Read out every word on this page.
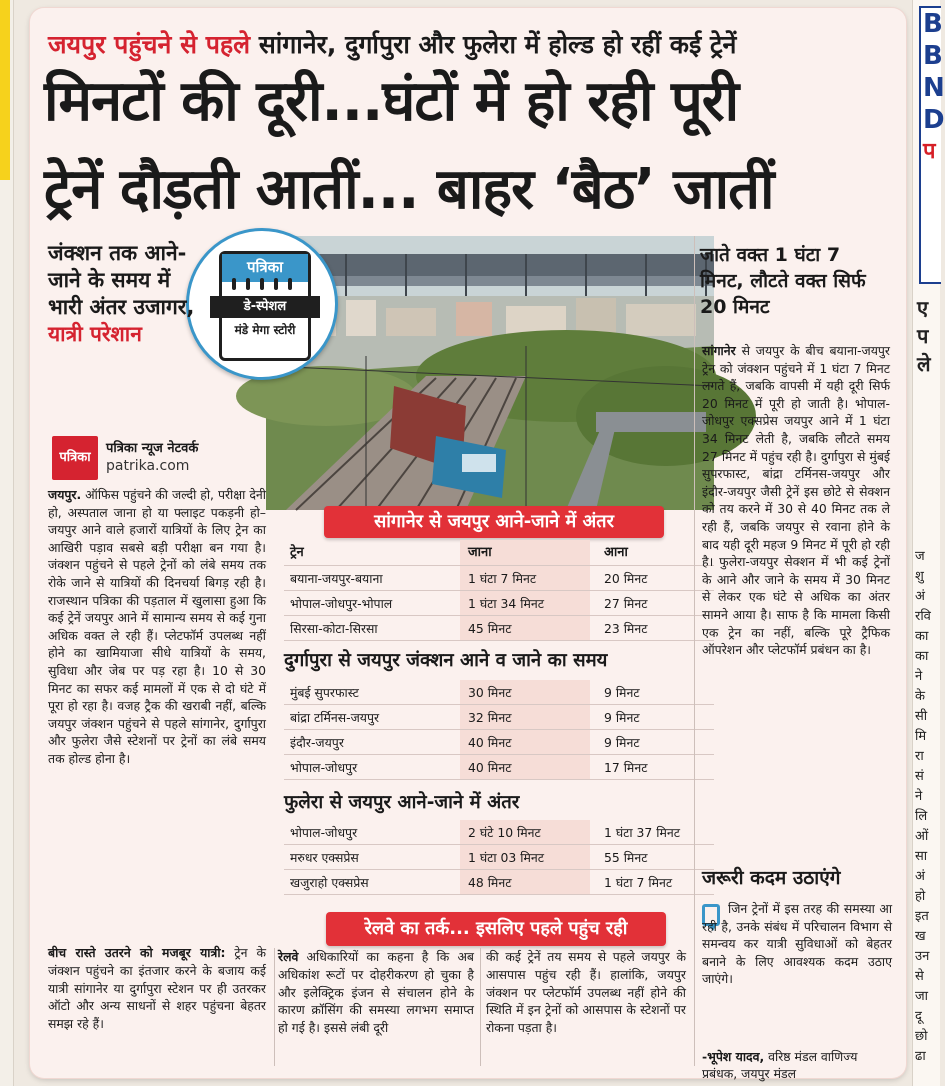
B
B
N
D
प
ए
प
ले
ज
शु
अं
रवि
का
का
ने
के
सी
मि
रा
सं
ने
लि
ओं
सा
अं
हो
इत
ख
उन
से
जा
दू
छो
ढा
जयपुर पहुंचने से पहले सांगानेर, दुर्गापुरा और फुलेरा में होल्ड हो रहीं कई ट्रेनें
मिनटों की दूरी...घंटों में हो रही पूरी
ट्रेनें दौड़ती आतीं... बाहर ‘बैठ’ जातीं
पत्रिका
डे-स्पेशल
मंडे मेगा स्टोरी
जंक्शन तक आने-जाने के समय में भारी अंतर उजागर,
यात्री परेशान
पत्रिका
पत्रिका न्यूज नेटवर्क
patrika.com
जयपुर. ऑफिस पहुंचने की जल्दी हो, परीक्षा देनी हो, अस्पताल जाना हो या फ्लाइट पकड़नी हो–जयपुर आने वाले हजारों यात्रियों के लिए ट्रेन का आखिरी पड़ाव सबसे बड़ी परीक्षा बन गया है। जंक्शन पहुंचने से पहले ट्रेनों को लंबे समय तक रोके जाने से यात्रियों की दिनचर्या बिगड़ रही है। राजस्थान पत्रिका की पड़ताल में खुलासा हुआ कि कई ट्रेनें जयपुर आने में सामान्य समय से कई गुना अधिक वक्त ले रही हैं। प्लेटफॉर्म उपलब्ध नहीं होने का खामियाजा सीधे यात्रियों के समय, सुविधा और जेब पर पड़ रहा है। 10 से 30 मिनट का सफर कई मामलों में एक से दो घंटे में पूरा हो रहा है। वजह ट्रैक की खराबी नहीं, बल्कि जयपुर जंक्शन पहुंचने से पहले सांगानेर, दुर्गापुरा और फुलेरा जैसे स्टेशनों पर ट्रेनों का लंबे समय तक होल्ड होना है।
सांगानेर से जयपुर आने-जाने में अंतर
ट्रेन	जाना	आना
बयाना-जयपुर-बयाना	1 घंटा 7 मिनट	20 मिनट
भोपाल-जोधपुर-भोपाल	1 घंटा 34 मिनट	27 मिनट
सिरसा-कोटा-सिरसा	45 मिनट	23 मिनट
दुर्गापुरा से जयपुर जंक्शन आने व जाने का समय
मुंबई सुपरफास्ट	30 मिनट	9 मिनट
बांद्रा टर्मिनस-जयपुर	32 मिनट	9 मिनट
इंदौर-जयपुर	40 मिनट	9 मिनट
भोपाल-जोधपुर	40 मिनट	17 मिनट
फुलेरा से जयपुर आने-जाने में अंतर
भोपाल-जोधपुर	2 घंटे 10 मिनट	1 घंटा 37 मिनट
मरुधर एक्सप्रेस	1 घंटा 03 मिनट	55 मिनट
खजुराहो एक्सप्रेस	48 मिनट	1 घंटा 7 मिनट
रेलवे का तर्क... इसलिए पहले पहुंच रही
बीच रास्ते उतरने को मजबूर यात्री: ट्रेन के जंक्शन पहुंचने का इंतजार करने के बजाय कई यात्री सांगानेर या दुर्गापुरा स्टेशन पर ही उतरकर ऑटो और अन्य साधनों से शहर पहुंचना बेहतर समझ रहे हैं।
रेलवे अधिकारियों का कहना है कि अब अधिकांश रूटों पर दोहरीकरण हो चुका है और इलेक्ट्रिक इंजन से संचालन होने के कारण क्रॉसिंग की समस्या लगभग समाप्त हो गई है। इससे लंबी दूरी
की कई ट्रेनें तय समय से पहले जयपुर के आसपास पहुंच रही हैं। हालांकि, जयपुर जंक्शन पर प्लेटफॉर्म उपलब्ध नहीं होने की स्थिति में इन ट्रेनों को आसपास के स्टेशनों पर रोकना पड़ता है।
जाते वक्त 1 घंटा 7 मिनट, लौटते वक्त सिर्फ 20 मिनट
सांगानेर से जयपुर के बीच बयाना-जयपुर ट्रेन को जंक्शन पहुंचने में 1 घंटा 7 मिनट लगते हैं, जबकि वापसी में यही दूरी सिर्फ 20 मिनट में पूरी हो जाती है। भोपाल-जोधपुर एक्सप्रेस जयपुर आने में 1 घंटा 34 मिनट लेती है, जबकि लौटते समय 27 मिनट में पहुंच रही है। दुर्गापुरा से मुंबई सुपरफास्ट, बांद्रा टर्मिनस-जयपुर और इंदौर-जयपुर जैसी ट्रेनें इस छोटे से सेक्शन को तय करने में 30 से 40 मिनट तक ले रही हैं, जबकि जयपुर से रवाना होने के बाद यही दूरी महज 9 मिनट में पूरी हो रही है। फुलेरा-जयपुर सेक्शन में भी कई ट्रेनों के आने और जाने के समय में 30 मिनट से लेकर एक घंटे से अधिक का अंतर सामने आया है। साफ है कि मामला किसी एक ट्रेन का नहीं, बल्कि पूरे ट्रैफिक ऑपरेशन और प्लेटफॉर्म प्रबंधन का है।
जरूरी कदम उठाएंगे
जिन ट्रेनों में इस तरह की समस्या आ रही है, उनके संबंध में परिचालन विभाग से समन्वय कर यात्री सुविधाओं को बेहतर बनाने के लिए आवश्यक कदम उठाए जाएंगे।
-भूपेश यादव, वरिष्ठ मंडल वाणिज्य प्रबंधक, जयपुर मंडल
